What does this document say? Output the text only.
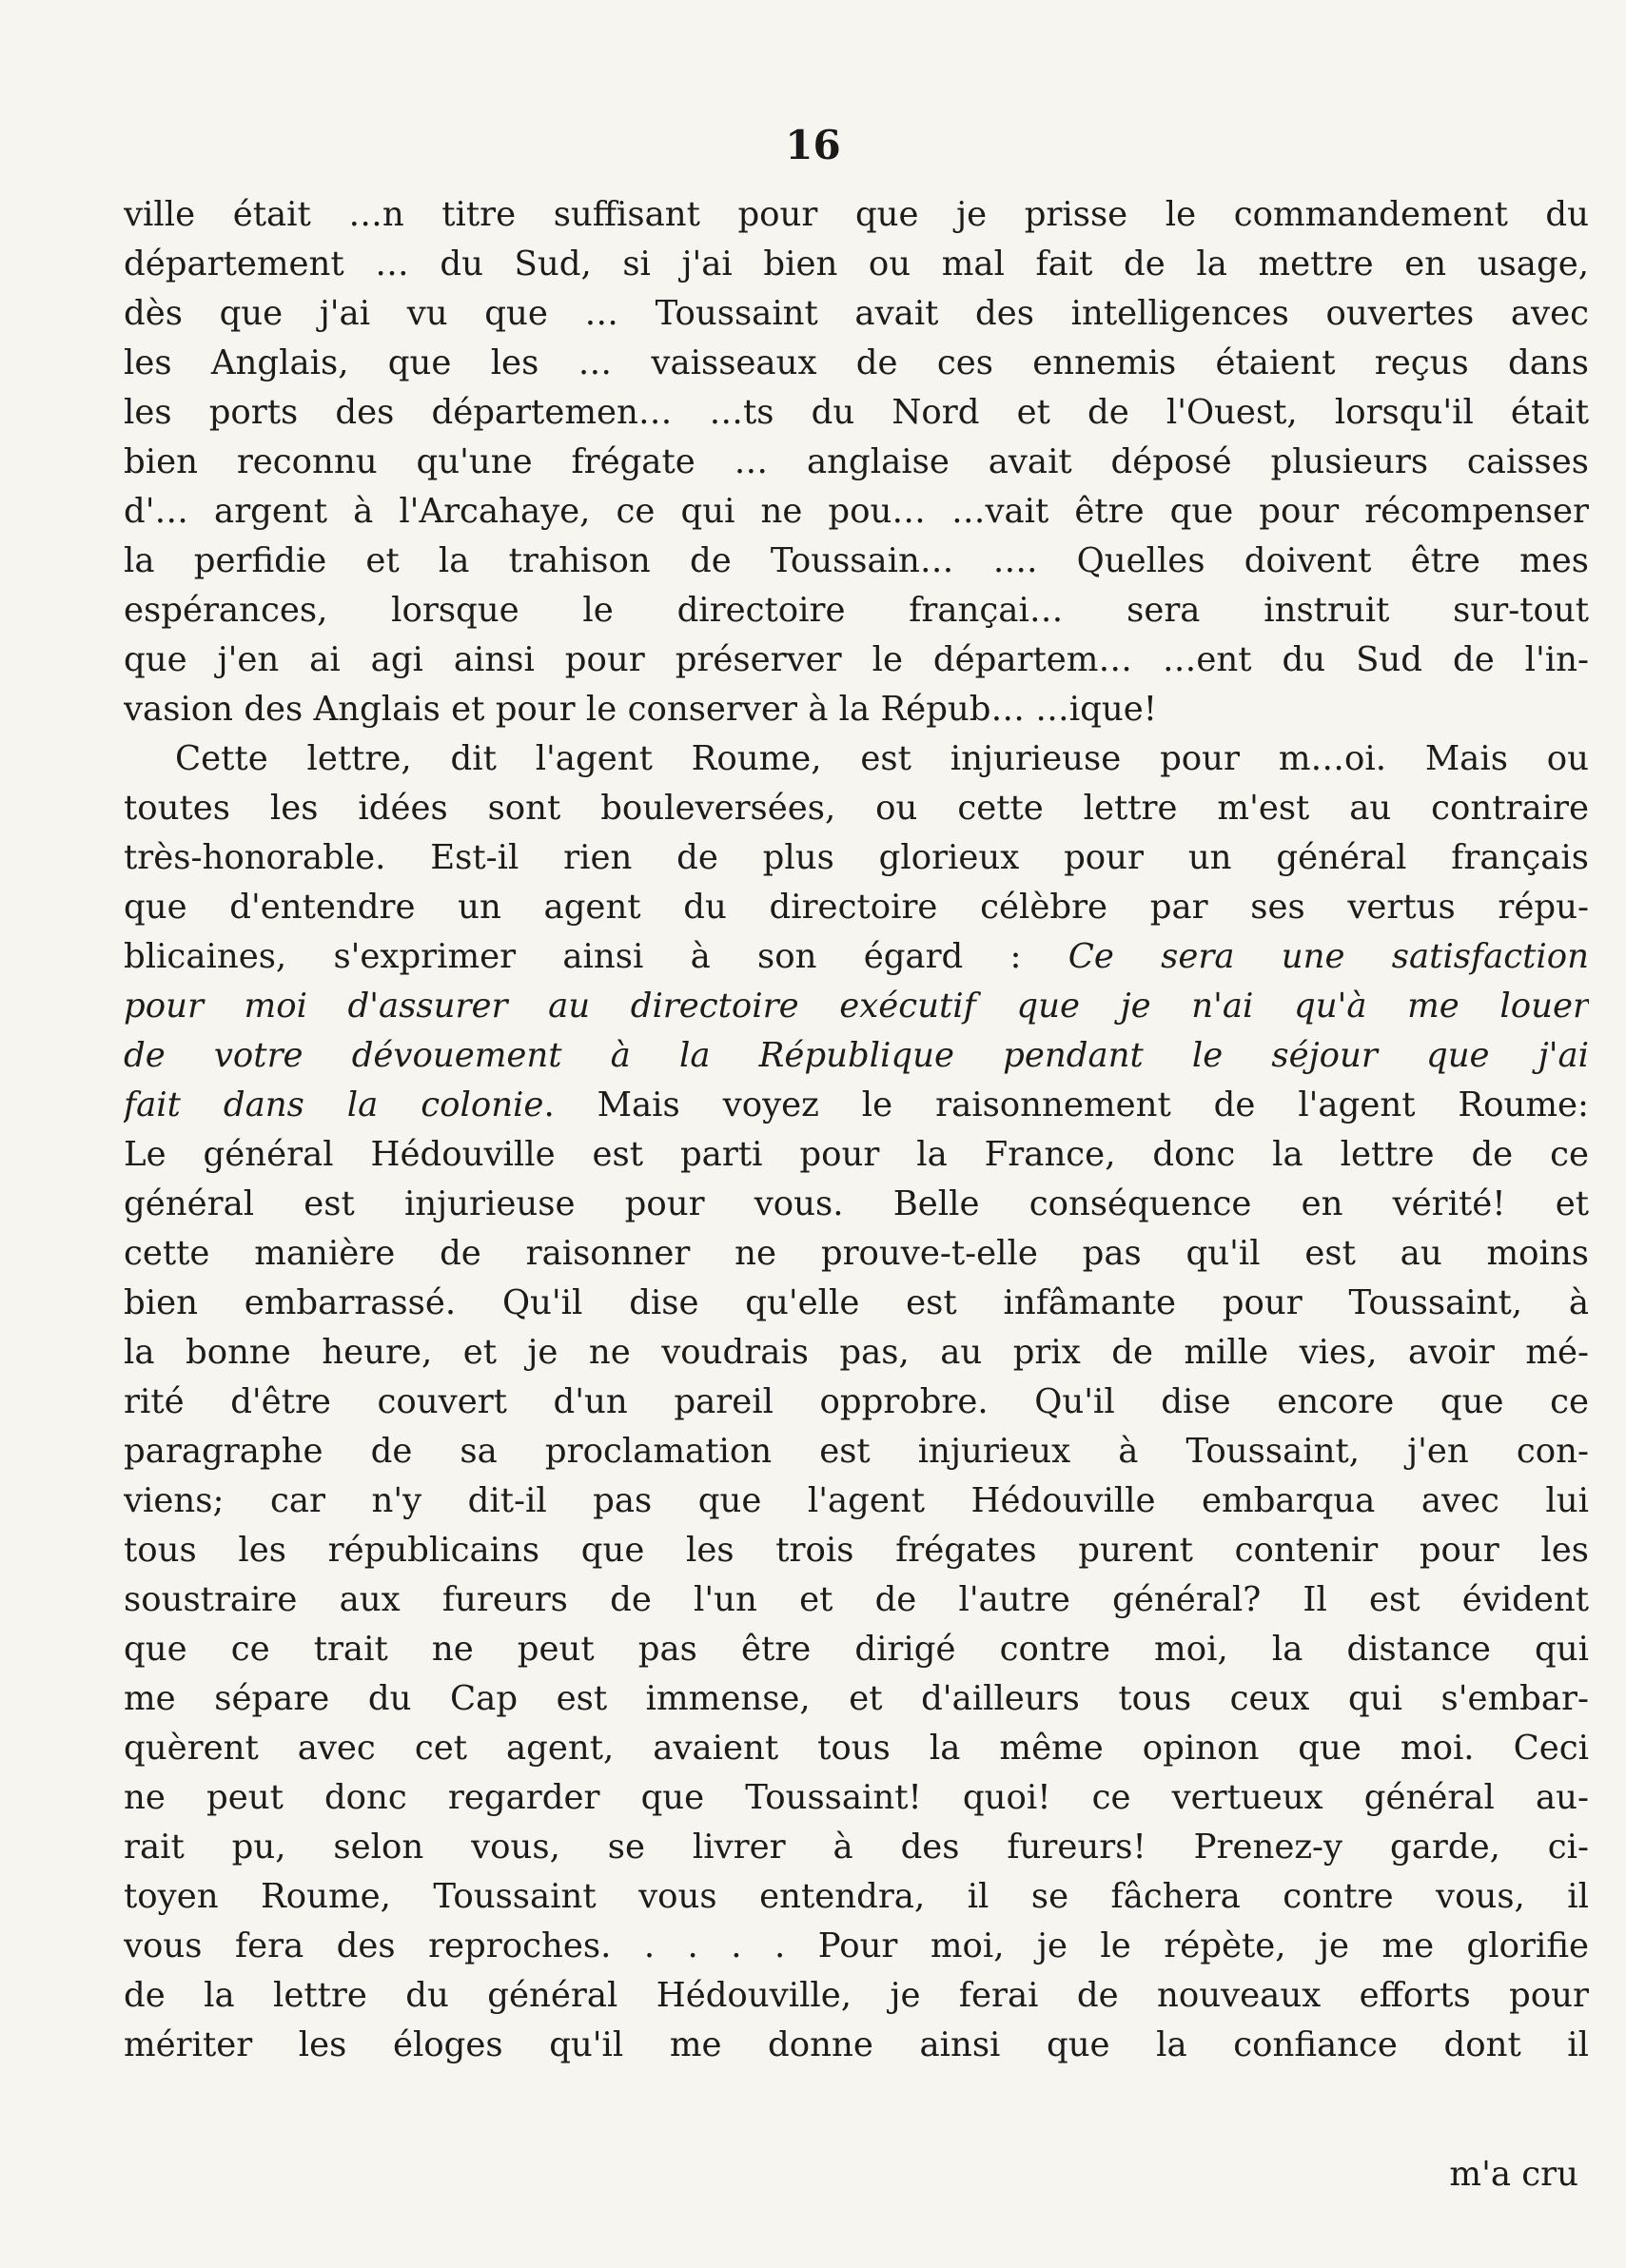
16
ville était …n titre suffisant pour que je prisse le commandement du
département … du Sud, si j'ai bien ou mal fait de la mettre en usage,
dès que j'ai vu que … Toussaint avait des intelligences ouvertes avec
les Anglais, que les … vaisseaux de ces ennemis étaient reçus dans
les ports des départemen… …ts du Nord et de l'Ouest, lorsqu'il était
bien reconnu qu'une frégate … anglaise avait déposé plusieurs caisses
d'… argent à l'Arcahaye, ce qui ne pou… …vait être que pour récompenser
la perfidie et la trahison de Toussain… …. Quelles doivent être mes
espérances, lorsque le directoire françai… sera instruit sur-tout
que j'en ai agi ainsi pour préserver le départem… …ent du Sud de l'in-
vasion des Anglais et pour le conserver à la Répub… …ique!
Cette lettre, dit l'agent Roume, est injurieuse pour m…oi. Mais ou
toutes les idées sont bouleversées, ou cette lettre m'est au contraire
très-honorable. Est-il rien de plus glorieux pour un général français
que d'entendre un agent du directoire célèbre par ses vertus répu-
blicaines, s'exprimer ainsi à son égard : Ce sera une satisfaction
pour moi d'assurer au directoire exécutif que je n'ai qu'à me louer
de votre dévouement à la République pendant le séjour que j'ai
fait dans la colonie. Mais voyez le raisonnement de l'agent Roume:
Le général Hédouville est parti pour la France, donc la lettre de ce
général est injurieuse pour vous. Belle conséquence en vérité! et
cette manière de raisonner ne prouve-t-elle pas qu'il est au moins
bien embarrassé. Qu'il dise qu'elle est infâmante pour Toussaint, à
la bonne heure, et je ne voudrais pas, au prix de mille vies, avoir mé-
rité d'être couvert d'un pareil opprobre. Qu'il dise encore que ce
paragraphe de sa proclamation est injurieux à Toussaint, j'en con-
viens; car n'y dit-il pas que l'agent Hédouville embarqua avec lui
tous les républicains que les trois frégates purent contenir pour les
soustraire aux fureurs de l'un et de l'autre général? Il est évident
que ce trait ne peut pas être dirigé contre moi, la distance qui
me sépare du Cap est immense, et d'ailleurs tous ceux qui s'embar-
quèrent avec cet agent, avaient tous la même opinon que moi. Ceci
ne peut donc regarder que Toussaint! quoi! ce vertueux général au-
rait pu, selon vous, se livrer à des fureurs! Prenez-y garde, ci-
toyen Roume, Toussaint vous entendra, il se fâchera contre vous, il
vous fera des reproches. . . . . Pour moi, je le répète, je me glorifie
de la lettre du général Hédouville, je ferai de nouveaux efforts pour
mériter les éloges qu'il me donne ainsi que la confiance dont il
m'a cru
